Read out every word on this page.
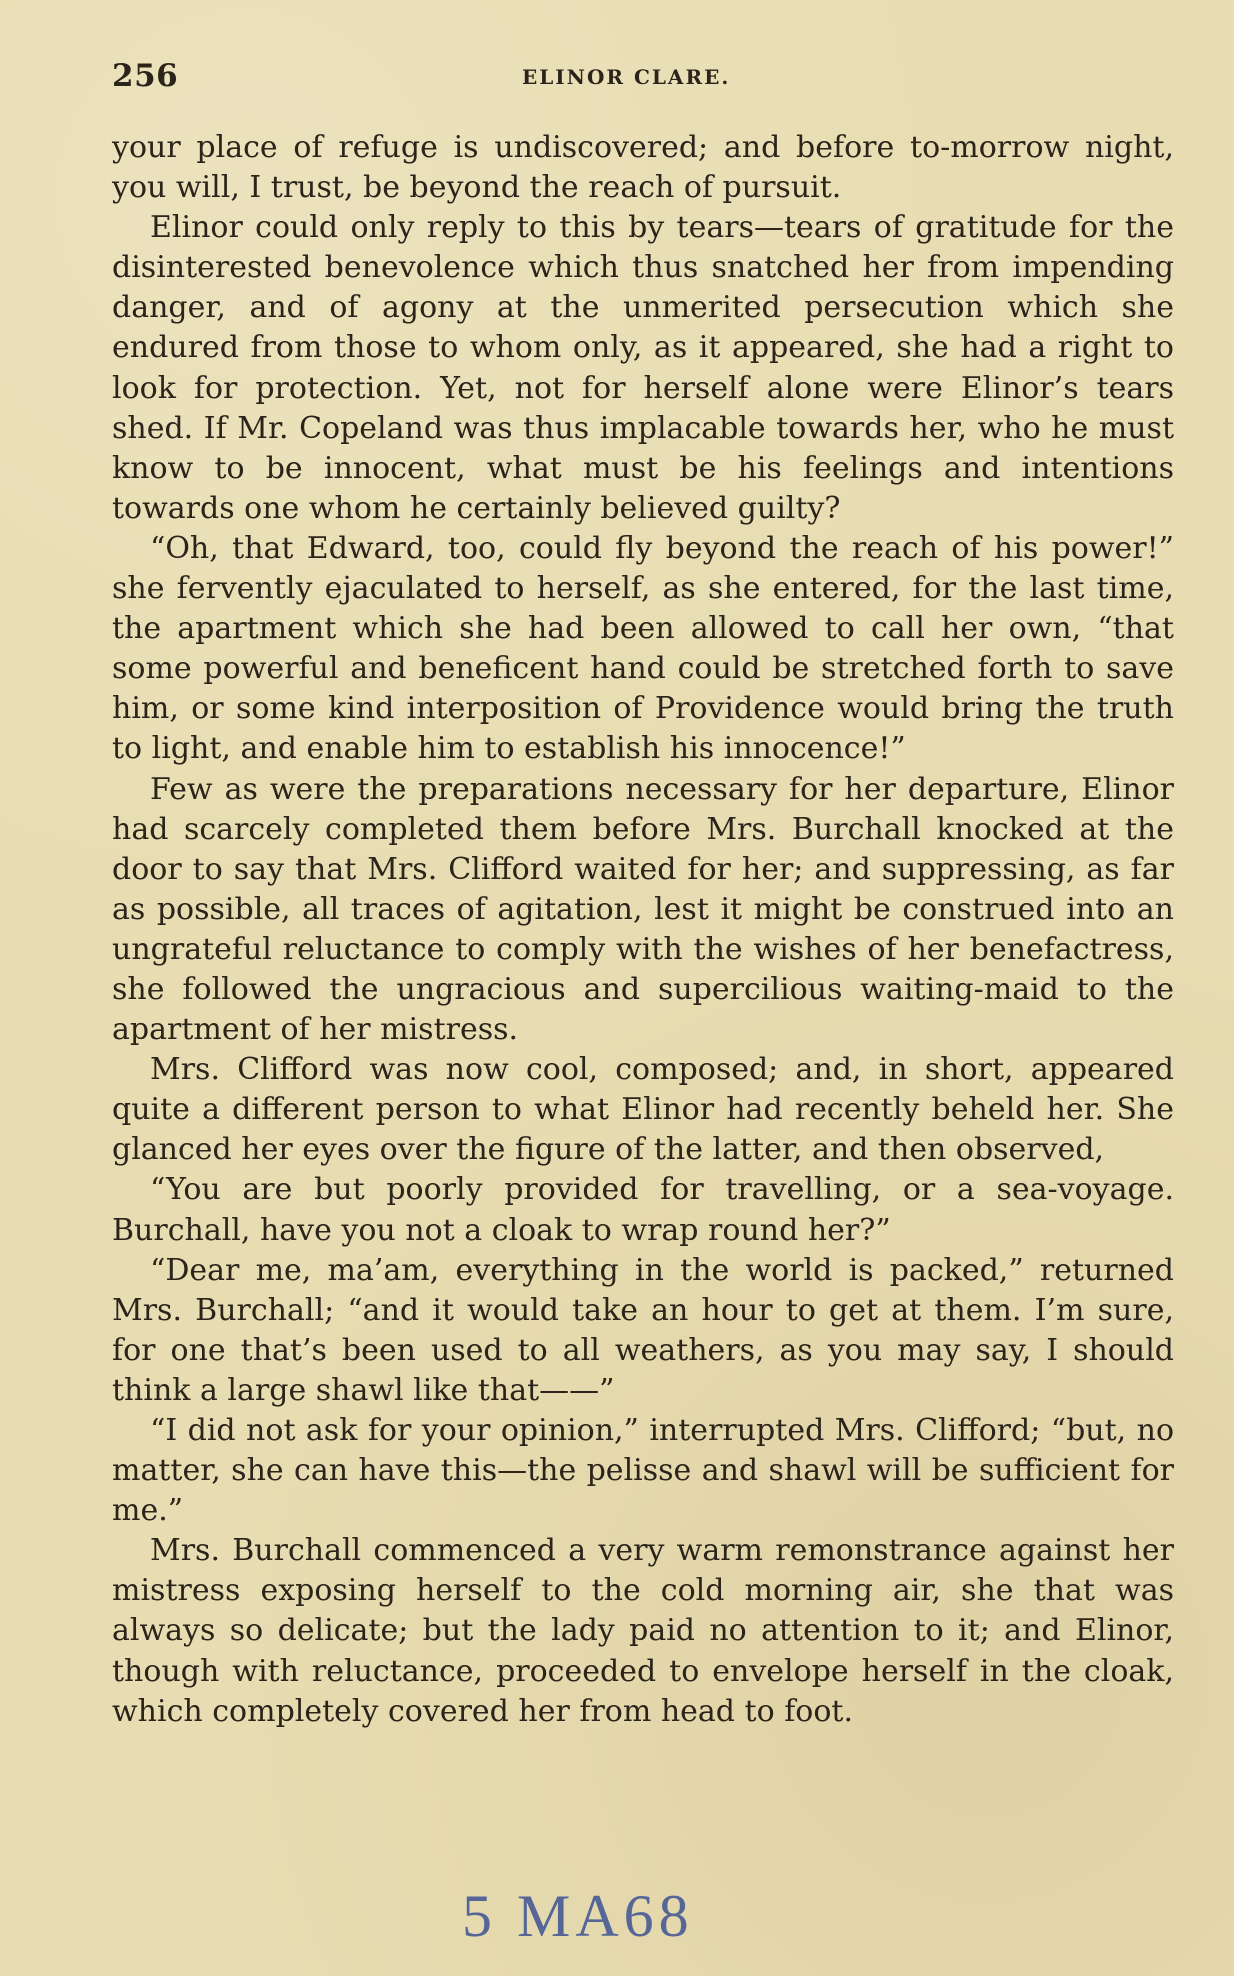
256	ELINOR CLARE.

your place of refuge is undiscovered; and before to-morrow night, you will, I trust, be beyond the reach of pursuit.

Elinor could only reply to this by tears—tears of gratitude for the disinterested benevolence which thus snatched her from impending danger, and of agony at the unmerited persecution which she endured from those to whom only, as it appeared, she had a right to look for protection. Yet, not for herself alone were Elinor’s tears shed. If Mr. Copeland was thus implacable towards her, who he must know to be innocent, what must be his feelings and intentions towards one whom he certainly believed guilty?

“Oh, that Edward, too, could fly beyond the reach of his power!” she fervently ejaculated to herself, as she entered, for the last time, the apartment which she had been allowed to call her own, “that some powerful and beneficent hand could be stretched forth to save him, or some kind interposition of Providence would bring the truth to light, and enable him to establish his innocence!”

Few as were the preparations necessary for her departure, Elinor had scarcely completed them before Mrs. Burchall knocked at the door to say that Mrs. Clifford waited for her; and suppressing, as far as possible, all traces of agitation, lest it might be construed into an ungrateful reluctance to comply with the wishes of her benefactress, she followed the ungracious and supercilious waiting-maid to the apartment of her mistress.

Mrs. Clifford was now cool, composed; and, in short, appeared quite a different person to what Elinor had recently beheld her. She glanced her eyes over the figure of the latter, and then observed,

“You are but poorly provided for travelling, or a sea-voyage. Burchall, have you not a cloak to wrap round her?”

“Dear me, ma’am, everything in the world is packed,” returned Mrs. Burchall; “and it would take an hour to get at them. I’m sure, for one that’s been used to all weathers, as you may say, I should think a large shawl like that——”

“I did not ask for your opinion,” interrupted Mrs. Clifford; “but, no matter, she can have this—the pelisse and shawl will be sufficient for me.”

Mrs. Burchall commenced a very warm remonstrance against her mistress exposing herself to the cold morning air, she that was always so delicate; but the lady paid no attention to it; and Elinor, though with reluctance, proceeded to envelope herself in the cloak, which completely covered her from head to foot.

5 MA68
